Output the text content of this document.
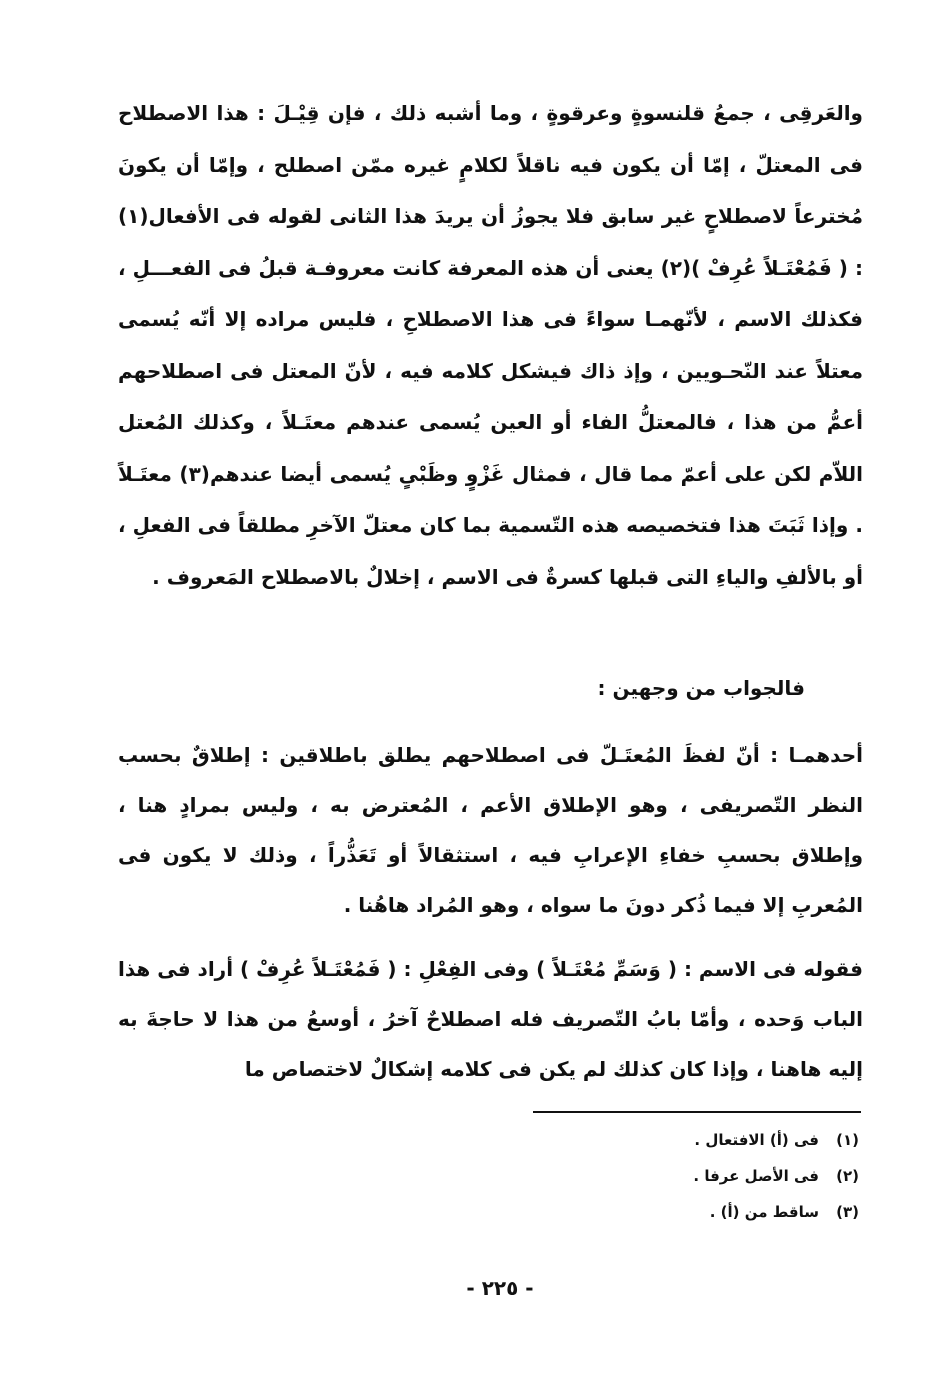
والعَرقِى ، جمعُ قلنسوةٍ وعرقوةٍ ، وما أشبه ذلك ، فإن قِيْـلَ : هذا الاصطلاح فى المعتلّ ، إمّا أن يكون فيه ناقلاً لكلامٍ غيره ممّن اصطلح ، وإمّا أن يكونَ مُخترعاً لاصطلاحٍ غير سابق فلا يجوزُ أن يريدَ هذا الثانى لقوله فى الأفعال(١) : ( فَمُعْتَـلاً عُرِفْ )(٢) يعنى أن هذه المعرفة كانت معروفـة قبلُ فى الفعـــلِ ، فكذلك الاسم ، لأنّهمـا سواءً فى هذا الاصطلاحِ ، فليس مراده إلا أنّه يُسمى معتلاً عند النّحـويين ، وإذ ذاك فيشكل كلامه فيه ، لأنّ المعتل فى اصطلاحهم أعمُّ من هذا ، فالمعتلُّ الفاء أو العين يُسمى عندهم معتَـلاً ، وكذلك المُعتل اللاّم لكن على أعمّ مما قال ، فمثال غَزْوٍ وظَبْىٍ يُسمى أيضا عندهم(٣) معتَـلاً . وإذا ثَبَتَ هذا فتخصيصه هذه التّسمية بما كان معتلّ الآخرِ مطلقاً فى الفعلِ ، أو بالألفِ والياءِ التى قبلها كسرةٌ فى الاسم ، إخلالٌ بالاصطلاح المَعروف .
فالجواب من وجهين :
أحدهمـا : أنّ لفظَ المُعتَـلّ فى اصطلاحهم يطلق باطلاقين : إطلاقٌ بحسب النظر التّصريفى ، وهو الإطلاق الأعم ، المُعترض به ، وليس بمرادٍ هنا ، وإطلاق بحسبِ خفاءِ الإعرابِ فيه ، استثقالاً أو تَعَذُّراً ، وذلك لا يكون فى المُعربِ إلا فيما ذُكر دونَ ما سواه ، وهو المُراد هاهُنا .
فقوله فى الاسم : ( وَسَمِّ مُعْتَـلاً ) وفى الفِعْلِ : ( فَمُعْتَـلاً عُرِفْ ) أراد فى هذا الباب وَحده ، وأمّا بابُ التّصريف فله اصطلاحٌ آخرُ ، أوسعُ من هذا لا حاجةَ به إليه هاهنا ، وإذا كان كذلك لم يكن فى كلامه إشكالٌ لاختصاص ما
(١)فى (أ) الافتعال .
(٢)فى الأصل عرفا .
(٣)ساقط من (أ) .
- ٢٢٥ -
